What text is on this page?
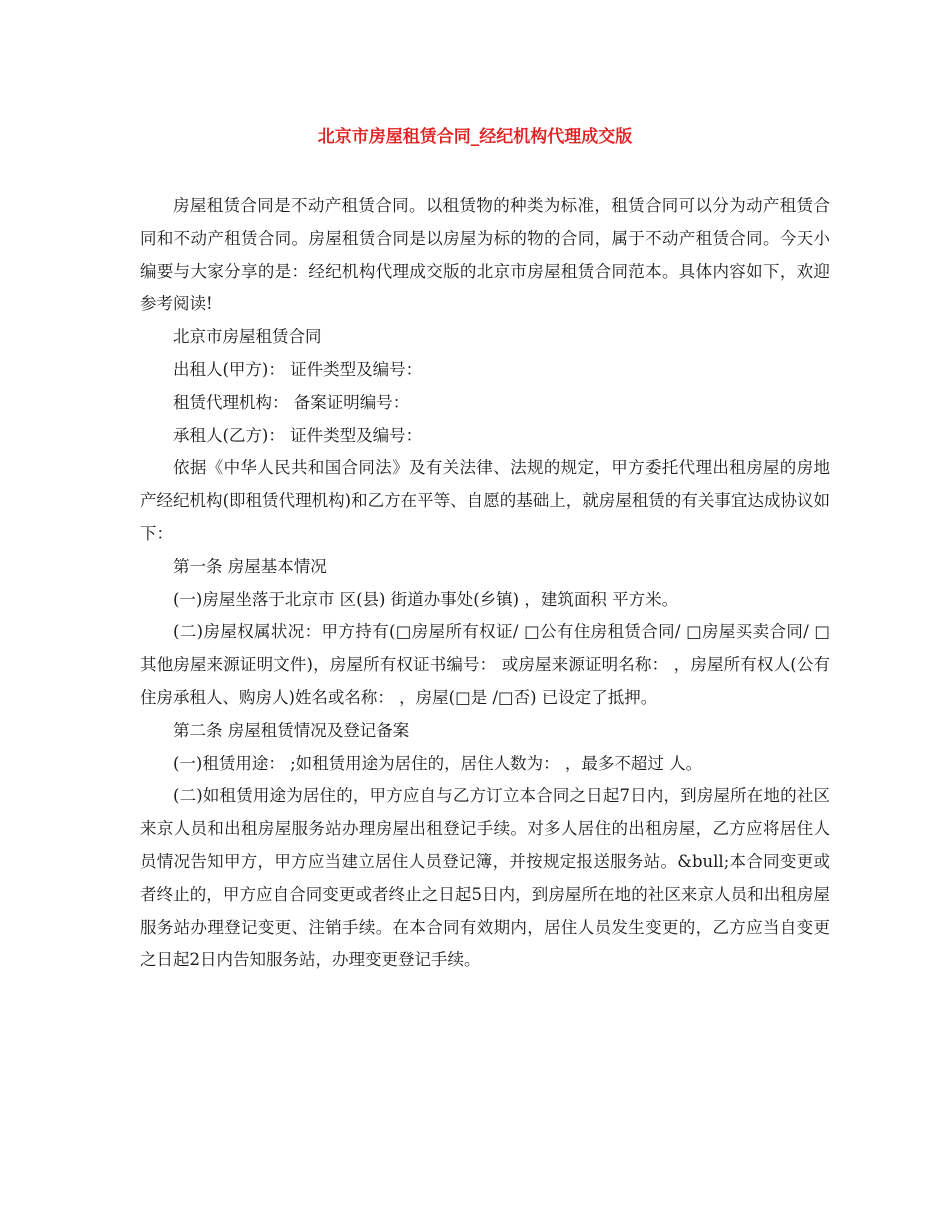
北京市房屋租赁合同_经纪机构代理成交版

房屋租赁合同是不动产租赁合同。以租赁物的种类为标准，租赁合同可以分为动产租赁合同和不动产租赁合同。房屋租赁合同是以房屋为标的物的合同，属于不动产租赁合同。今天小编要与大家分享的是：经纪机构代理成交版的北京市房屋租赁合同范本。具体内容如下，欢迎参考阅读!

北京市房屋租赁合同

出租人(甲方)： 证件类型及编号：

租赁代理机构： 备案证明编号：

承租人(乙方)： 证件类型及编号：

依据《中华人民共和国合同法》及有关法律、法规的规定，甲方委托代理出租房屋的房地产经纪机构(即租赁代理机构)和乙方在平等、自愿的基础上，就房屋租赁的有关事宜达成协议如下：

第一条 房屋基本情况

(一)房屋坐落于北京市 区(县) 街道办事处(乡镇) ，建筑面积 平方米。

(二)房屋权属状况：甲方持有(□房屋所有权证/ □公有住房租赁合同/ □房屋买卖合同/ □其他房屋来源证明文件)，房屋所有权证书编号： 或房屋来源证明名称： ，房屋所有权人(公有住房承租人、购房人)姓名或名称： ，房屋(□是 /□否) 已设定了抵押。

第二条 房屋租赁情况及登记备案

(一)租赁用途： ;如租赁用途为居住的，居住人数为： ，最多不超过 人。

(二)如租赁用途为居住的，甲方应自与乙方订立本合同之日起7日内，到房屋所在地的社区来京人员和出租房屋服务站办理房屋出租登记手续。对多人居住的出租房屋，乙方应将居住人员情况告知甲方，甲方应当建立居住人员登记簿，并按规定报送服务站。&bull;本合同变更或者终止的，甲方应自合同变更或者终止之日起5日内，到房屋所在地的社区来京人员和出租房屋服务站办理登记变更、注销手续。在本合同有效期内，居住人员发生变更的，乙方应当自变更之日起2日内告知服务站，办理变更登记手续。
